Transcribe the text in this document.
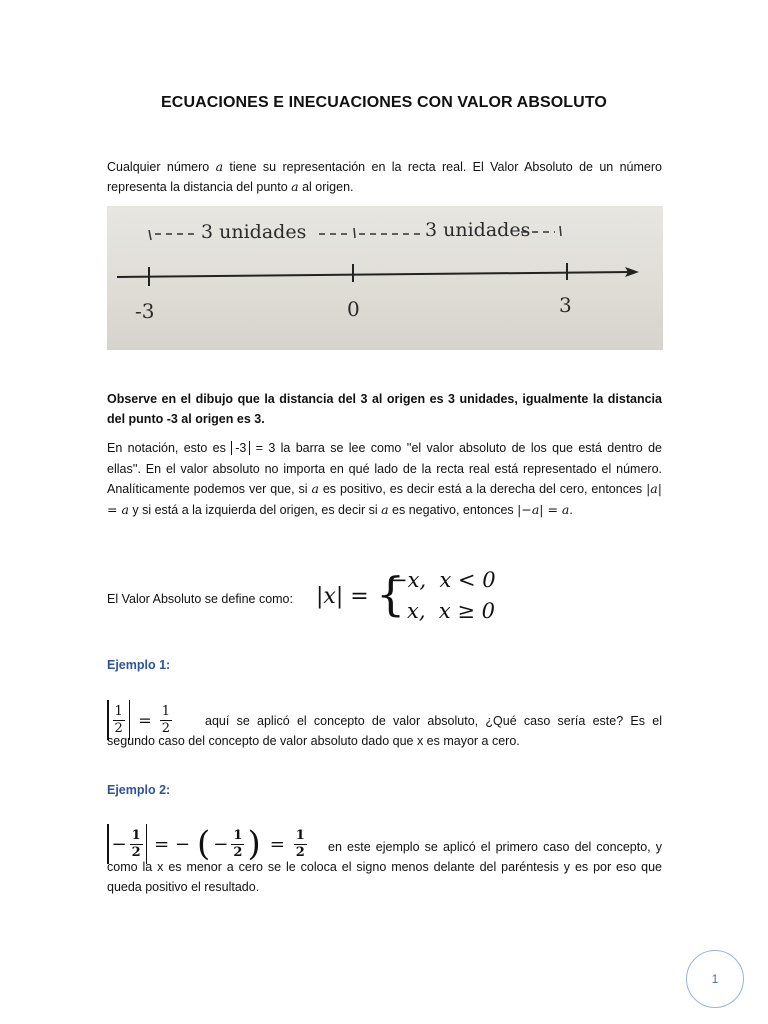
ECUACIONES E INECUACIONES CON VALOR ABSOLUTO
Cualquier número a tiene su representación en la recta real. El Valor Absoluto de un número representa la distancia del punto a al origen.
3 unidades	3 unidades
-3	0	3
Observe en el dibujo que la distancia del 3 al origen es 3 unidades, igualmente la distancia del punto -3 al origen es 3.
En notación, esto es -3 = 3 la barra se lee como ''el valor absoluto de los que está dentro de ellas''. En el valor absoluto no importa en qué lado de la recta real está representado el número. Analíticamente podemos ver que, si a es positivo, es decir está a la derecha del cero, entonces |a| = a y si está a la izquierda del origen, es decir si a es negativo, entonces |−a| = a.
El Valor Absoluto se define como: |x| = {
−x,  x < 0
x,  x ≥ 0
Ejemplo 1:
$\frac{1}{2} = \frac{1}{2}$	aquí se aplicó el concepto de valor absoluto, ¿Qué caso sería este? Es el segundo caso del concepto de valor absoluto dado que x es mayor a cero.
Ejemplo 2:
− $\frac{1}{2}$ = − ( − $\frac{1}{2}$ ) = $\frac{1}{2}$	en este ejemplo se aplicó el primero caso del concepto, y como la x es menor a cero se le coloca el signo menos delante del paréntesis y es por eso que queda positivo el resultado.
1
